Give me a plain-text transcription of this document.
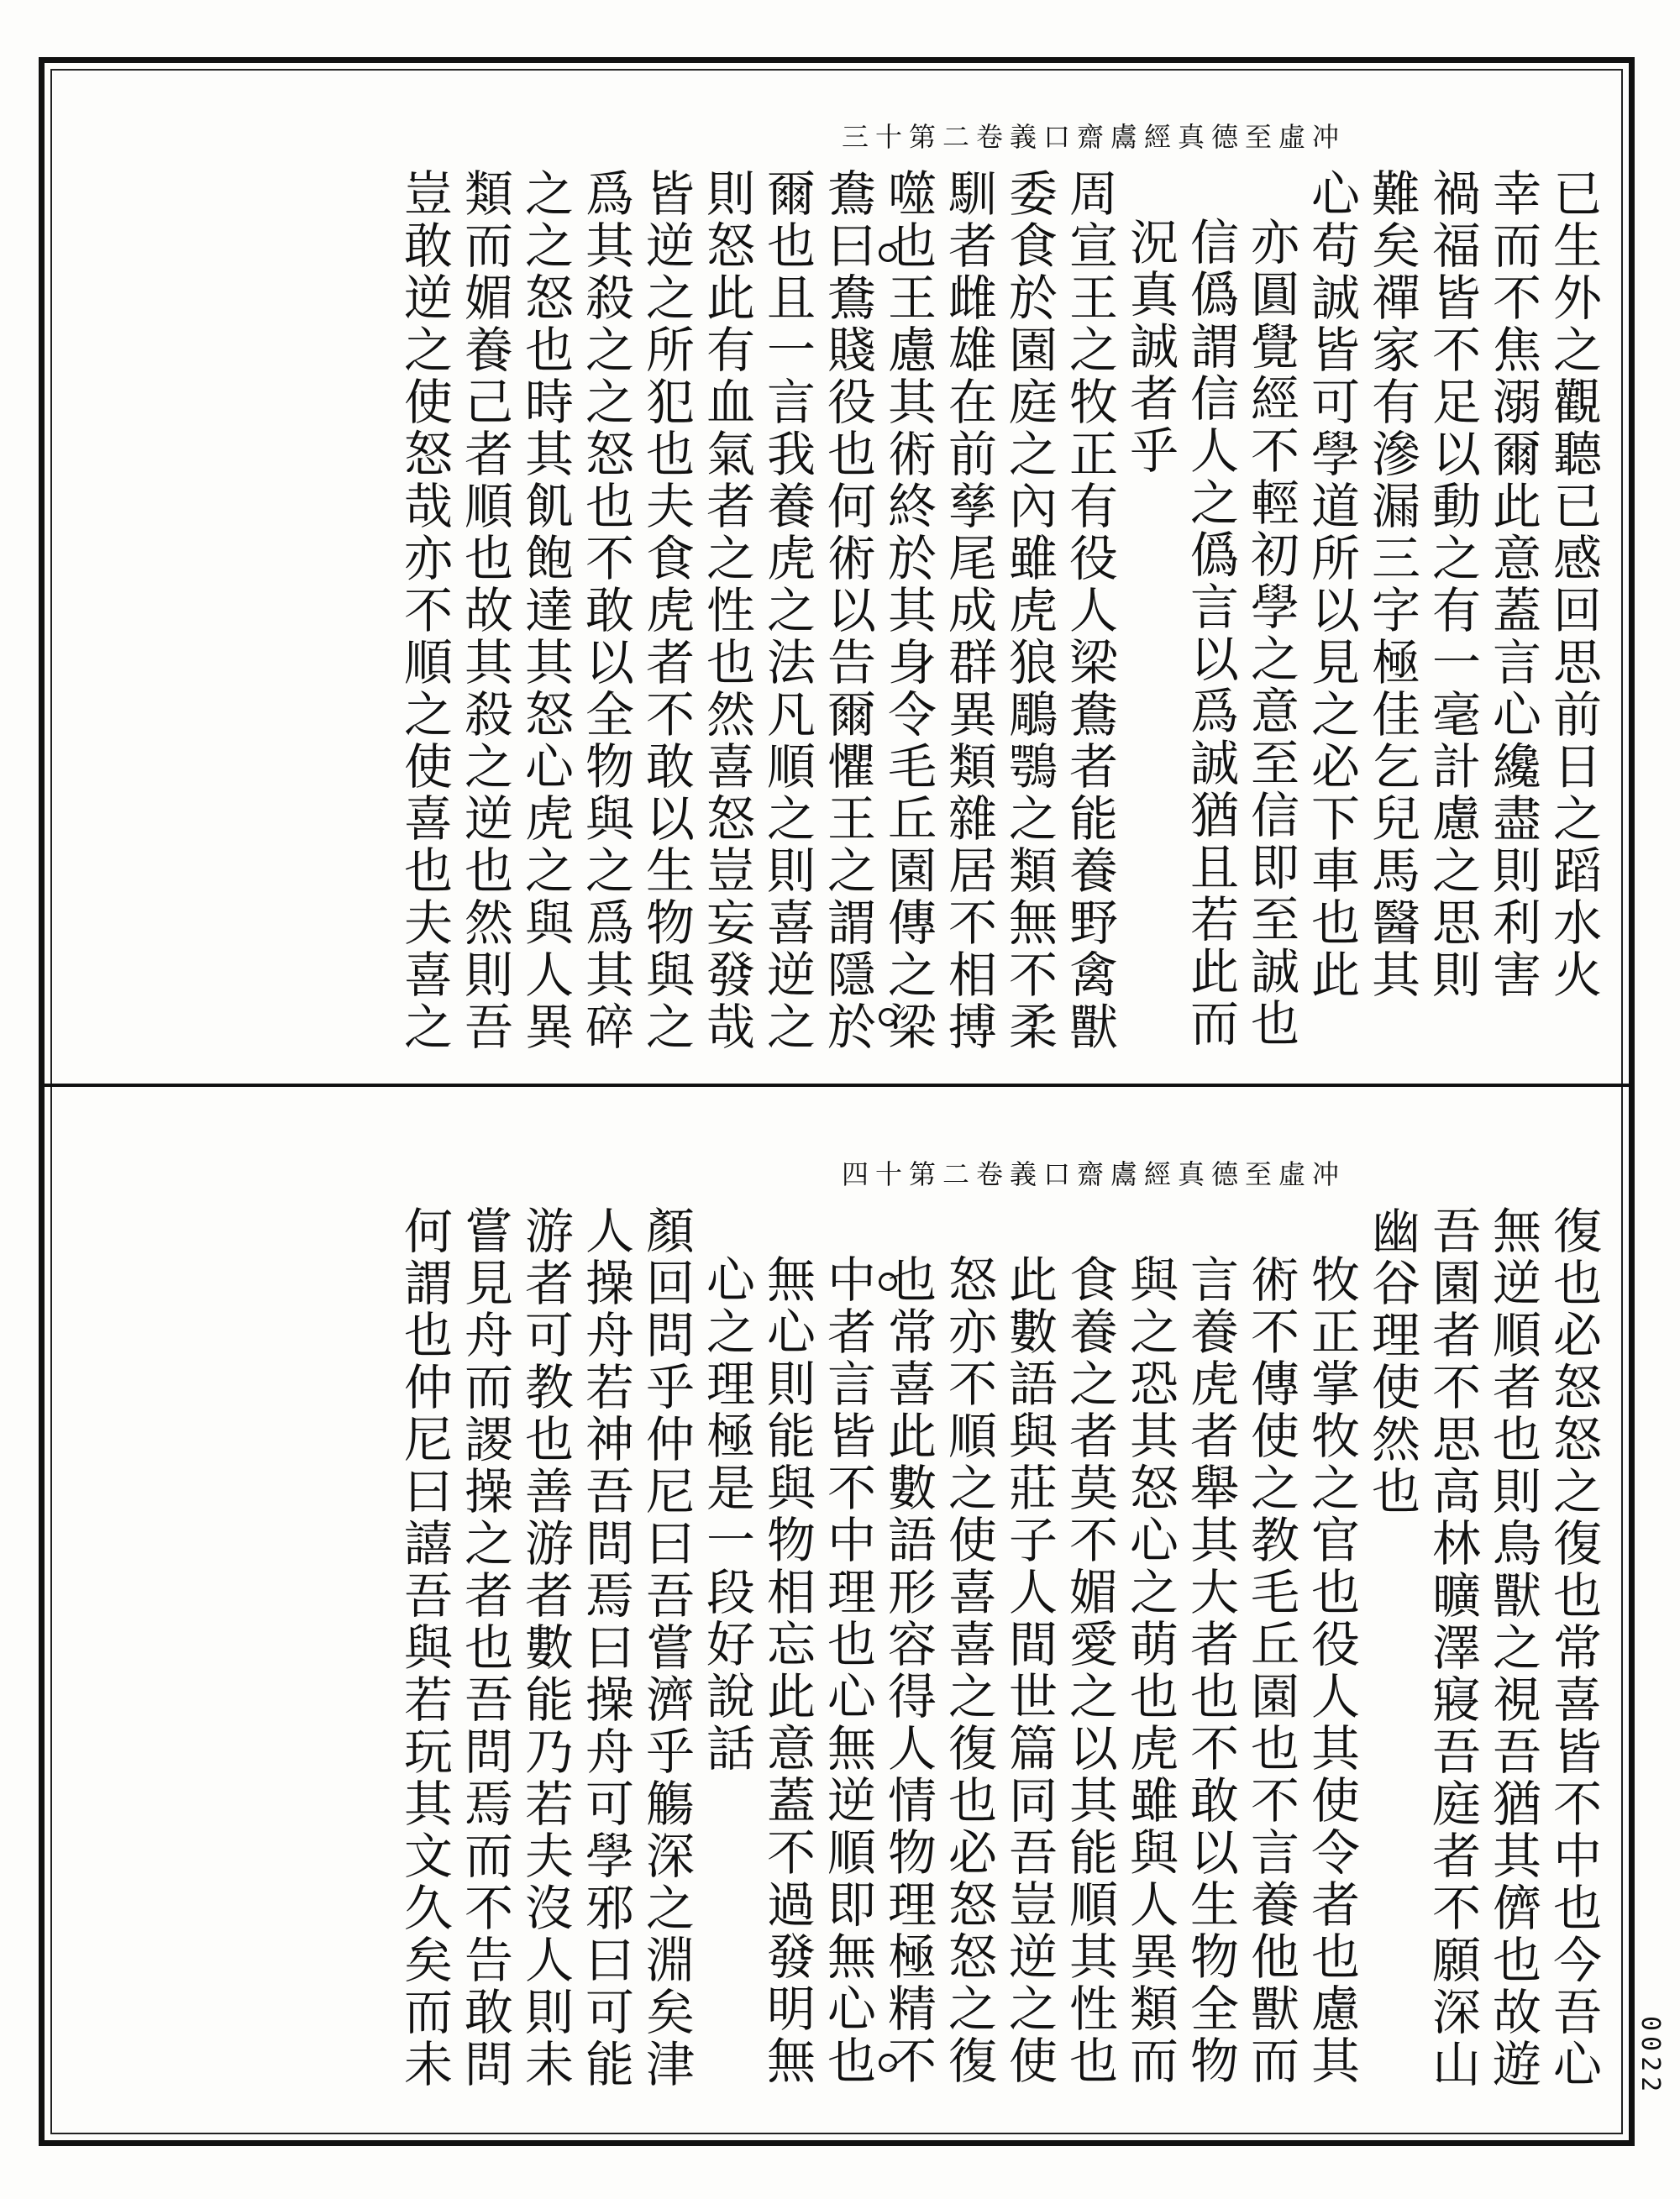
冲虛至德真經鬳齋口義卷二第十三
已生外之觀聽已感回思前日之蹈水火
幸而不焦溺爾此意蓋言心纔盡則利害
禍福皆不足以動之有一毫計慮之思則
難矣禪家有滲漏三字極佳乞兒馬醫其
心苟誠皆可學道所以見之必下車也此
亦圓覺經不輕初學之意至信即至誠也
信僞謂信人之僞言以爲誠猶且若此而
況真誠者乎
周宣王之牧正有役人梁鴦者能養野禽獸
委食於園庭之內雖虎狼鵰鶚之類無不柔
馴者雌雄在前孳尾成群異類雜居不相搏
噬也王慮其術終於其身令毛丘園傳之梁
鴦曰鴦賤役也何術以告爾懼王之謂隱於
爾也且一言我養虎之法凡順之則喜逆之
則怒此有血氣者之性也然喜怒豈妄發哉
皆逆之所犯也夫食虎者不敢以生物與之
爲其殺之之怒也不敢以全物與之爲其碎
之之怒也時其飢飽達其怒心虎之與人異
類而媚養己者順也故其殺之逆也然則吾
豈敢逆之使怒哉亦不順之使喜也夫喜之
冲虛至德真經鬳齋口義卷二第十四
復也必怒怒之復也常喜皆不中也今吾心
無逆順者也則鳥獸之視吾猶其儕也故遊
吾園者不思高林曠澤寢吾庭者不願深山
幽谷理使然也
牧正掌牧之官也役人其使令者也慮其
術不傳使之教毛丘園也不言養他獸而
言養虎者舉其大者也不敢以生物全物
與之恐其怒心之萌也虎雖與人異類而
食養之者莫不媚愛之以其能順其性也
此數語與莊子人間世篇同吾豈逆之使
怒亦不順之使喜喜之復也必怒怒之復
也常喜此數語形容得人情物理極精不
中者言皆不中理也心無逆順即無心也
無心則能與物相忘此意蓋不過發明無
心之理極是一段好說話
顏回問乎仲尼曰吾嘗濟乎觴深之淵矣津
人操舟若神吾問焉曰操舟可學邪曰可能
游者可教也善游者數能乃若夫沒人則未
嘗見舟而謖操之者也吾問焉而不告敢問
何謂也仲尼曰譆吾與若玩其文久矣而未	0022
